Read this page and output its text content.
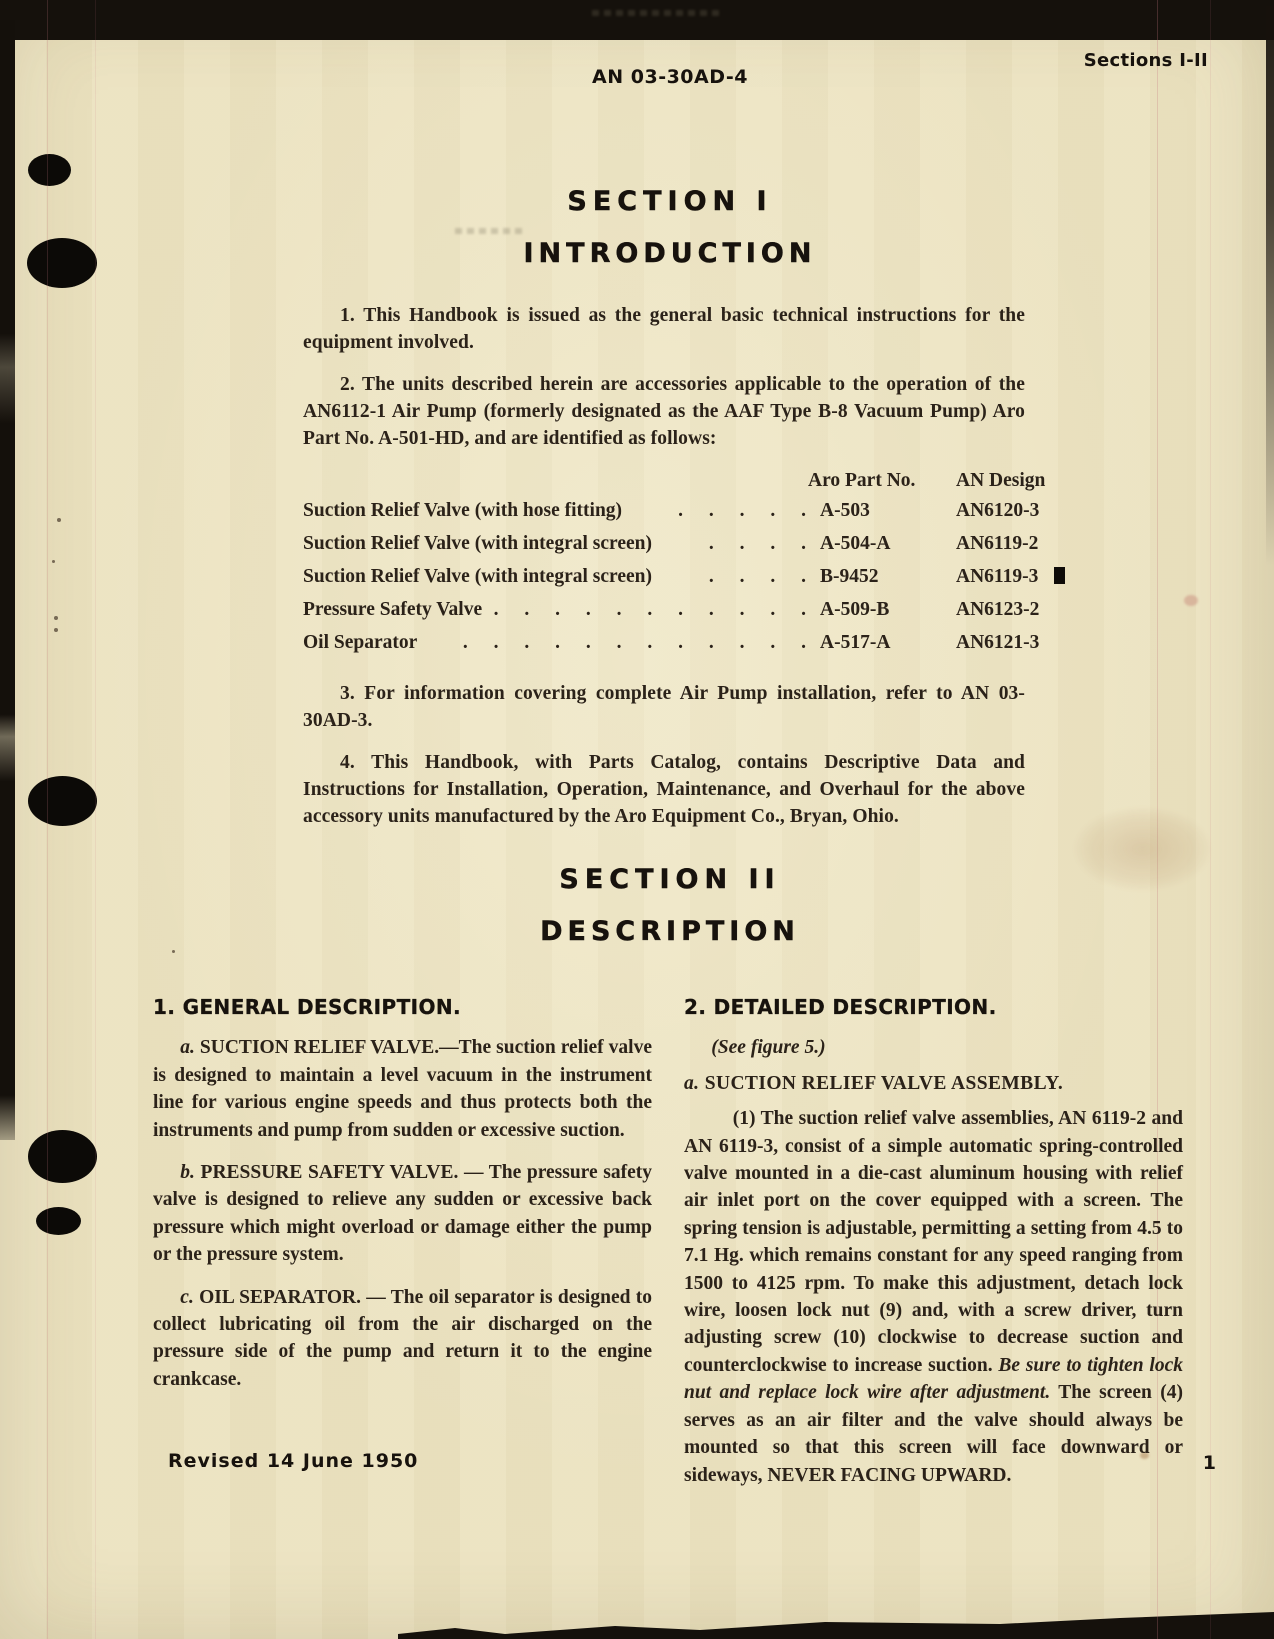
AN 03-30AD-4
Sections I-II
SECTION I
INTRODUCTION

1. This Handbook is issued as the general basic technical instructions for the equipment involved.

2. The units described herein are accessories applicable to the operation of the AN6112-1 Air Pump (formerly designated as the AAF Type B-8 Vacuum Pump) Aro Part No. A-501-HD, and are identified as follows:

Aro Part No.	AN Design
Suction Relief Valve (with hose fitting)	. . . . . A-503	AN6120-3
Suction Relief Valve (with integral screen)	. . . . A-504-A	AN6119-2
Suction Relief Valve (with integral screen)	. . . . B-9452	AN6119-3
Pressure Safety Valve . . . . . . . . . . . A-509-B	AN6123-2
Oil Separator	. . . . . . . . . . . . A-517-A	AN6121-3

3. For information covering complete Air Pump installation, refer to AN 03-30AD-3.

4. This Handbook, with Parts Catalog, contains Descriptive Data and Instructions for Installation, Operation, Maintenance, and Overhaul for the above accessory units manufactured by the Aro Equipment Co., Bryan, Ohio.

SECTION II
DESCRIPTION
1. GENERAL DESCRIPTION.

a. SUCTION RELIEF VALVE.—The suction relief valve is designed to maintain a level vacuum in the instrument line for various engine speeds and thus protects both the instruments and pump from sudden or excessive suction.

b. PRESSURE SAFETY VALVE. — The pressure safety valve is designed to relieve any sudden or excessive back pressure which might overload or damage either the pump or the pressure system.

c. OIL SEPARATOR. — The oil separator is designed to collect lubricating oil from the air discharged on the pressure side of the pump and return it to the engine crankcase.

2. DETAILED DESCRIPTION.

(See figure 5.)

a. SUCTION RELIEF VALVE ASSEMBLY.

(1) The suction relief valve assemblies, AN 6119-2 and AN 6119-3, consist of a simple automatic spring-controlled valve mounted in a die-cast aluminum housing with relief air inlet port on the cover equipped with a screen. The spring tension is adjustable, permitting a setting from 4.5 to 7.1 Hg. which remains constant for any speed ranging from 1500 to 4125 rpm. To make this adjustment, detach lock wire, loosen lock nut (9) and, with a screw driver, turn adjusting screw (10) clockwise to decrease suction and counterclockwise to increase suction. Be sure to tighten lock nut and replace lock wire after adjustment. The screen (4) serves as an air filter and the valve should always be mounted so that this screen will face downward or sideways, NEVER FACING UPWARD.

Revised 14 June 1950	1
